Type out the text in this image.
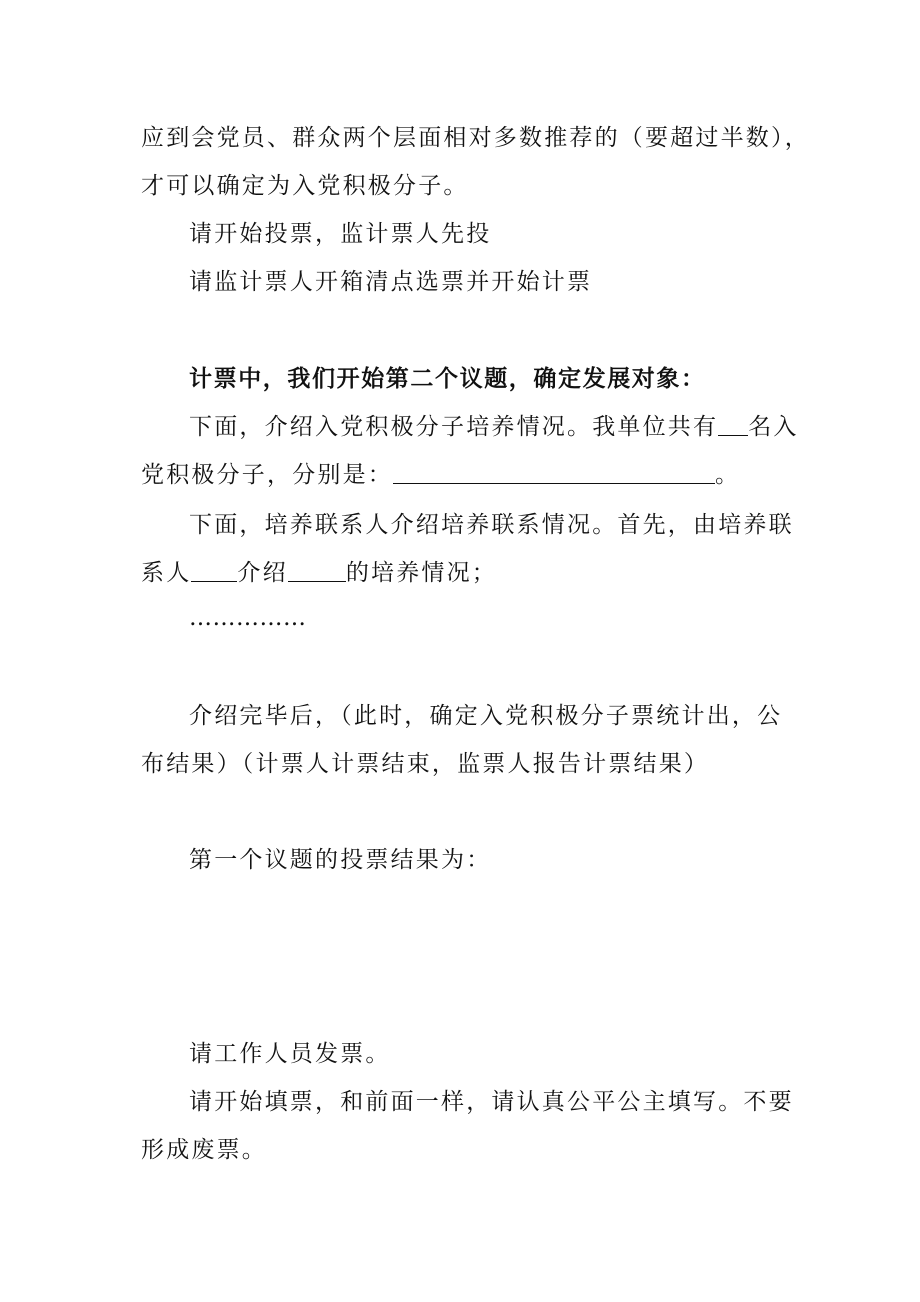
应到会党员、群众两个层面相对多数推荐的（要超过半数），
才可以确定为入党积极分子。
请开始投票，监计票人先投
请监计票人开箱清点选票并开始计票
计票中，我们开始第二个议题，确定发展对象：
下面，介绍入党积极分子培养情况。我单位共有 名入
党积极分子，分别是：	。
下面，培养联系人介绍培养联系情况。首先，由培养联
系人 介绍	的培养情况；
……………
介绍完毕后，（此时，确定入党积极分子票统计出，公
布结果）（计票人计票结束，监票人报告计票结果）
第一个议题的投票结果为：
请工作人员发票。
请开始填票，和前面一样，请认真公平公主填写。不要
形成废票。
